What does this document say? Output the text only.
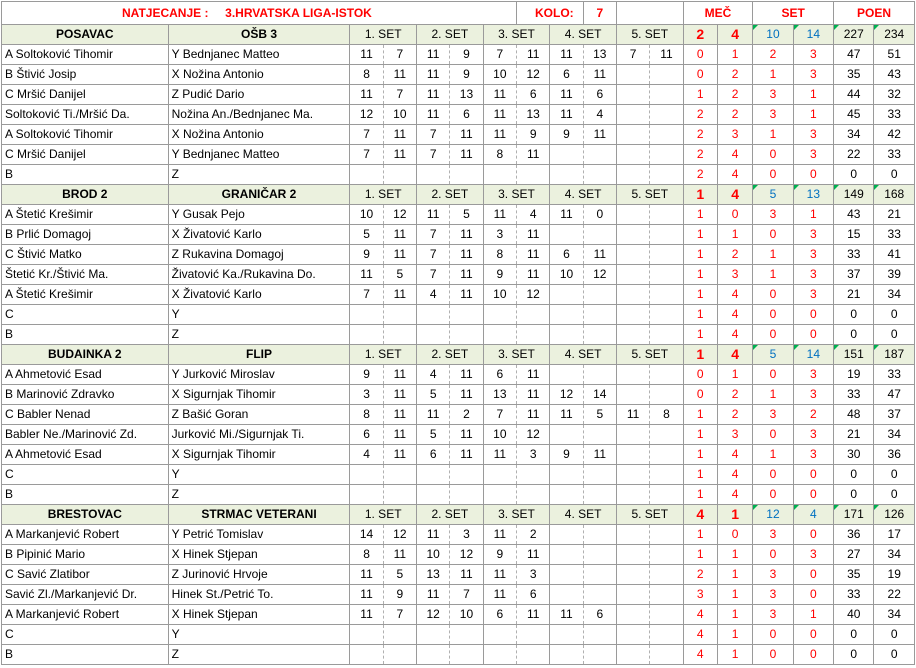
NATJECANJE : 3.HRVATSKA LIGA-ISTOK							KOLO:		7			MEČ		SET		POEN	
POSAVAC	OŠB 3	1. SET		2. SET		3. SET		4. SET		5. SET		2	4	10	14	227	234
A Soltoković Tihomir	Y Bednjanec Matteo	11	7	11	9	7	11	11	13	7	11	0	1	2	3	47	51
B Štivić Josip	X Nožina Antonio	8	11	11	9	10	12	6	11			0	2	1	3	35	43
C Mršić Danijel	Z Pudić Dario	11	7	11	13	11	6	11	6			1	2	3	1	44	32
Soltoković Ti./Mršić Da.	Nožina An./Bednjanec Ma.	12	10	11	6	11	13	11	4			2	2	3	1	45	33
A Soltoković Tihomir	X Nožina Antonio	7	11	7	11	11	9	9	11			2	3	1	3	34	42
C Mršić Danijel	Y Bednjanec Matteo	7	11	7	11	8	11					2	4	0	3	22	33
B	Z											2	4	0	0	0	0
BROD 2	GRANIČAR 2	1. SET		2. SET		3. SET		4. SET		5. SET		1	4	5	13	149	168
A Štetić Krešimir	Y Gusak Pejo	10	12	11	5	11	4	11	0			1	0	3	1	43	21
B Prlić Domagoj	X Živatović Karlo	5	11	7	11	3	11					1	1	0	3	15	33
C Štivić Matko	Z Rukavina Domagoj	9	11	7	11	8	11	6	11			1	2	1	3	33	41
Štetić Kr./Štivić Ma.	Živatović Ka./Rukavina Do.	11	5	7	11	9	11	10	12			1	3	1	3	37	39
A Štetić Krešimir	X Živatović Karlo	7	11	4	11	10	12					1	4	0	3	21	34
C	Y											1	4	0	0	0	0
B	Z											1	4	0	0	0	0
BUDAINKA 2	FLIP	1. SET		2. SET		3. SET		4. SET		5. SET		1	4	5	14	151	187
A Ahmetović Esad	Y Jurković Miroslav	9	11	4	11	6	11					0	1	0	3	19	33
B Marinović Zdravko	X Sigurnjak Tihomir	3	11	5	11	13	11	12	14			0	2	1	3	33	47
C Babler Nenad	Z Bašić Goran	8	11	11	2	7	11	11	5	11	8	1	2	3	2	48	37
Babler Ne./Marinović Zd.	Jurković Mi./Sigurnjak Ti.	6	11	5	11	10	12					1	3	0	3	21	34
A Ahmetović Esad	X Sigurnjak Tihomir	4	11	6	11	11	3	9	11			1	4	1	3	30	36
C	Y											1	4	0	0	0	0
B	Z											1	4	0	0	0	0
BRESTOVAC	STRMAC VETERANI	1. SET		2. SET		3. SET		4. SET		5. SET		4	1	12	4	171	126
A Markanjević Robert	Y Petrić Tomislav	14	12	11	3	11	2					1	0	3	0	36	17
B Pipinić Mario	X Hinek Stjepan	8	11	10	12	9	11					1	1	0	3	27	34
C Savić Zlatibor	Z Jurinović Hrvoje	11	5	13	11	11	3					2	1	3	0	35	19
Savić Zl./Markanjević Dr.	Hinek St./Petrić To.	11	9	11	7	11	6					3	1	3	0	33	22
A Markanjević Robert	X Hinek Stjepan	11	7	12	10	6	11	11	6			4	1	3	1	40	34
C	Y											4	1	0	0	0	0
B	Z											4	1	0	0	0	0
